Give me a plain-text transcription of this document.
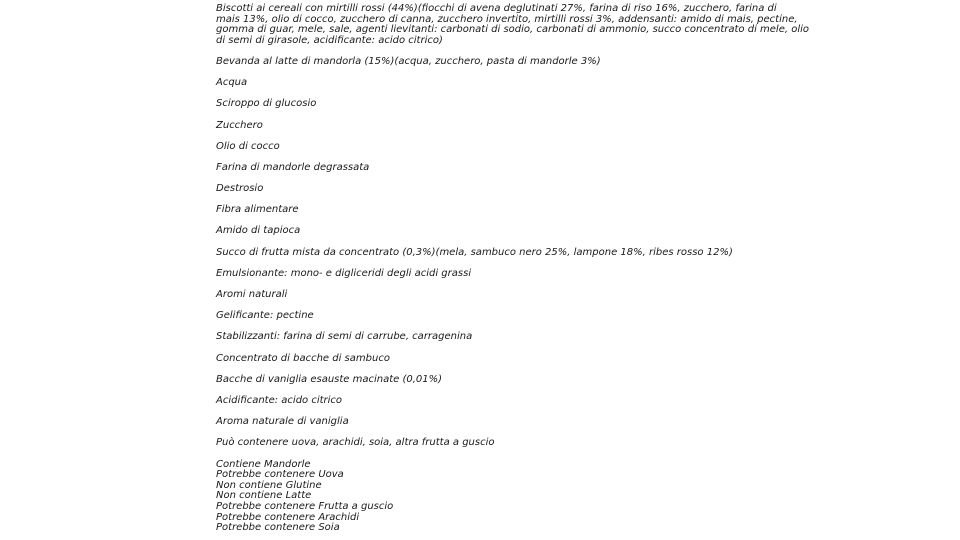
Biscotti ai cereali con mirtilli rossi (44%)(fiocchi di avena deglutinati 27%, farina di riso 16%, zucchero, farina di
mais 13%, olio di cocco, zucchero di canna, zucchero invertito, mirtilli rossi 3%, addensanti: amido di mais, pectine,
gomma di guar, mele, sale, agenti lievitanti: carbonati di sodio, carbonati di ammonio, succo concentrato di mele, olio
di semi di girasole, acidificante: acido citrico)

Bevanda al latte di mandorla (15%)(acqua, zucchero, pasta di mandorle 3%)

Acqua

Sciroppo di glucosio

Zucchero

Olio di cocco

Farina di mandorle degrassata

Destrosio

Fibra alimentare

Amido di tapioca

Succo di frutta mista da concentrato (0,3%)(mela, sambuco nero 25%, lampone 18%, ribes rosso 12%)

Emulsionante: mono- e digliceridi degli acidi grassi

Aromi naturali

Gelificante: pectine

Stabilizzanti: farina di semi di carrube, carragenina

Concentrato di bacche di sambuco

Bacche di vaniglia esauste macinate (0,01%)

Acidificante: acido citrico

Aroma naturale di vaniglia

Può contenere uova, arachidi, soia, altra frutta a guscio

Contiene Mandorle
Potrebbe contenere Uova
Non contiene Glutine
Non contiene Latte
Potrebbe contenere Frutta a guscio
Potrebbe contenere Arachidi
Potrebbe contenere Soia
